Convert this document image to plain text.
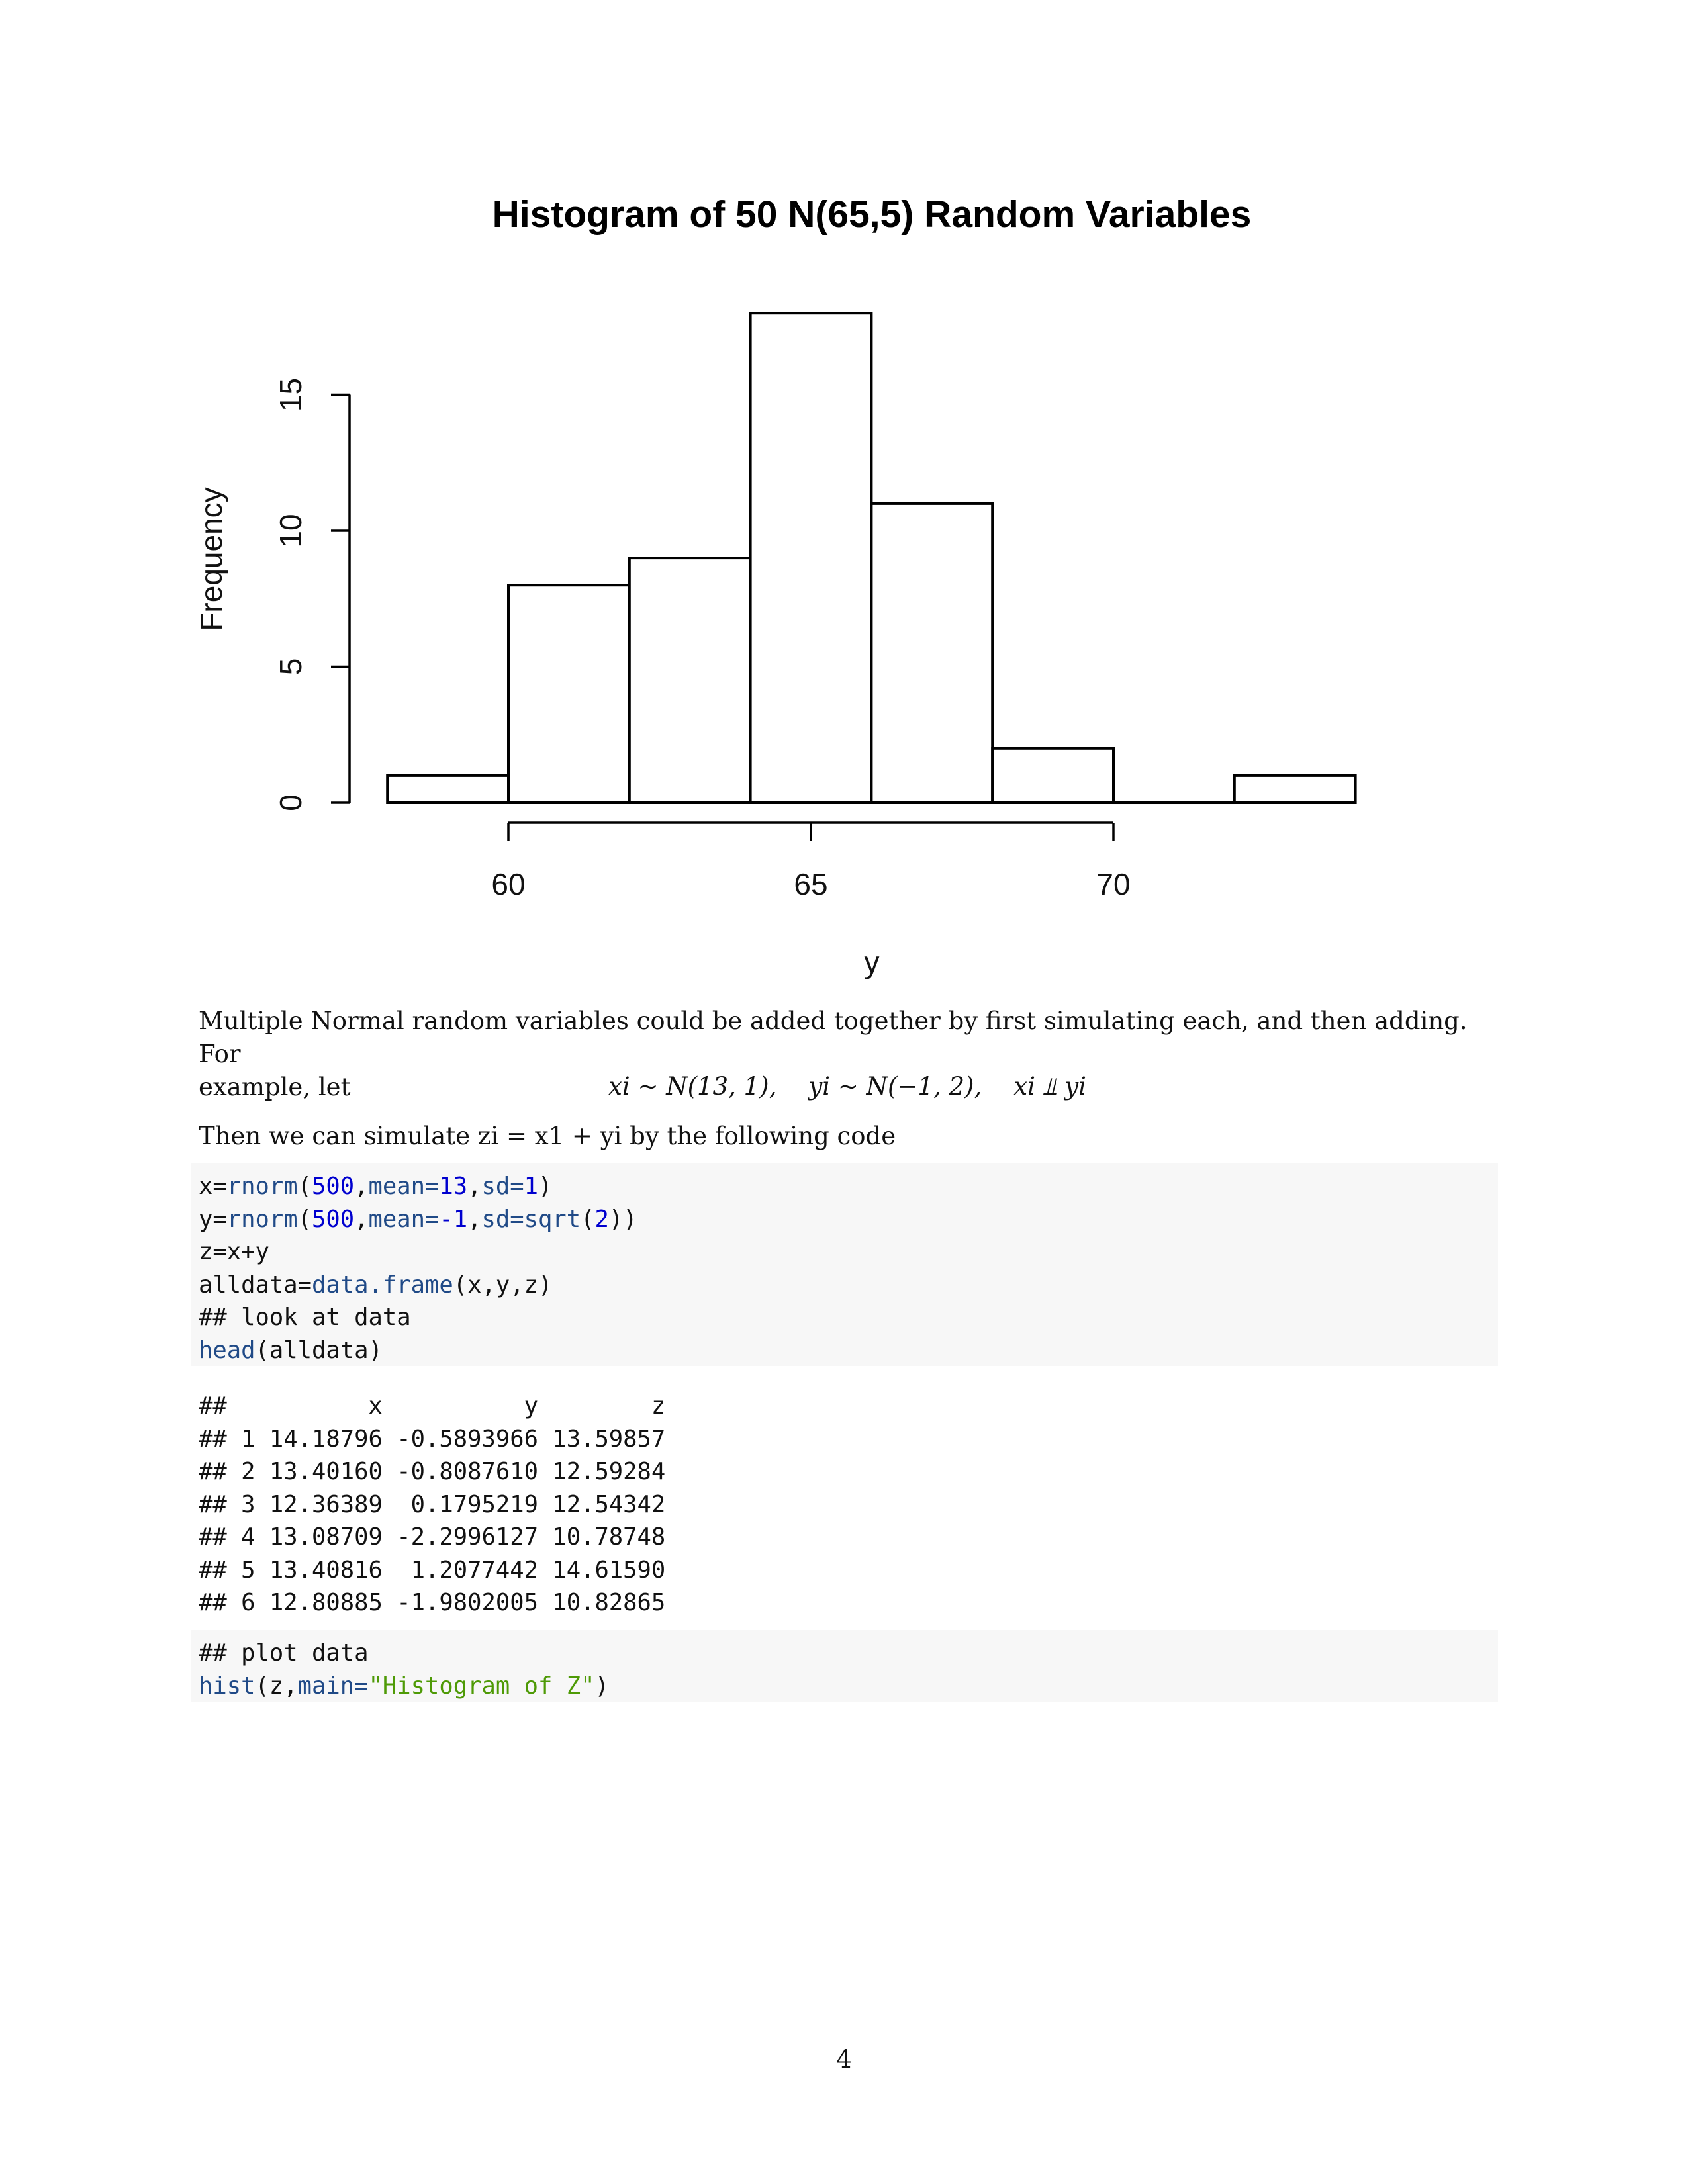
Histogram of 50 N(65,5) Random Variables
0
5
10
15
60	65	70
Frequency
y

Multiple Normal random variables could be added together by first simulating each, and then adding. For
example, let	xi ∼ N(13, 1), yi ∼ N(−1, 2), xi ⫫ yi

Then we can simulate zi = x1 + yi by the following code

x=rnorm(500,mean=13,sd=1)
y=rnorm(500,mean=-1,sd=sqrt(2))
z=x+y
alldata=data.frame(x,y,z)
## look at data
head(alldata)
##          x          y        z
## 1 14.18796 -0.5893966 13.59857
## 2 13.40160 -0.8087610 12.59284
## 3 12.36389  0.1795219 12.54342
## 4 13.08709 -2.2996127 10.78748
## 5 13.40816  1.2077442 14.61590
## 6 12.80885 -1.9802005 10.82865
## plot data
hist(z,main="Histogram of Z")
4
